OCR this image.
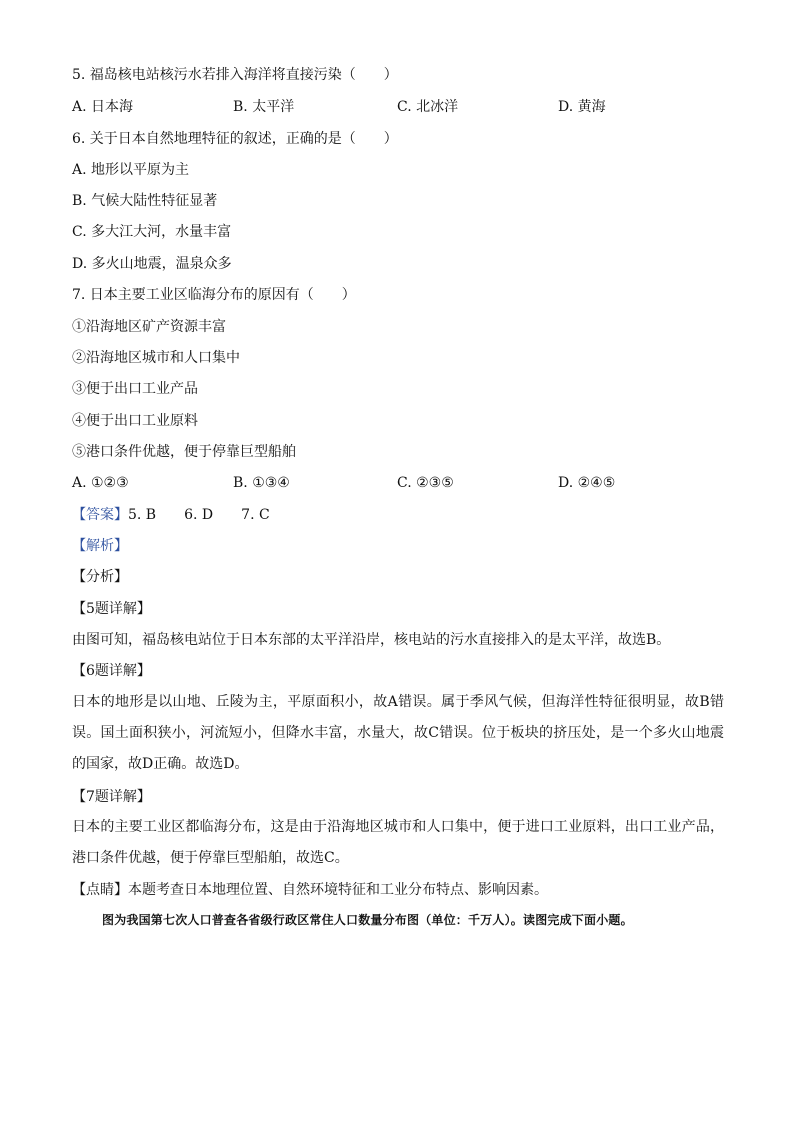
5. 福岛核电站核污水若排入海洋将直接污染（　　）
A. 日本海	B. 太平洋	C. 北冰洋	D. 黄海
6. 关于日本自然地理特征的叙述，正确的是（　　）
A. 地形以平原为主
B. 气候大陆性特征显著
C. 多大江大河，水量丰富
D. 多火山地震，温泉众多
7. 日本主要工业区临海分布的原因有（　　）
①沿海地区矿产资源丰富
②沿海地区城市和人口集中
③便于出口工业产品
④便于出口工业原料
⑤港口条件优越，便于停靠巨型船舶
A. ①②③	B. ①③④	C. ②③⑤	D. ②④⑤
【答案】5. B 6. D 7. C
【解析】
【分析】
【5题详解】
由图可知，福岛核电站位于日本东部的太平洋沿岸，核电站的污水直接排入的是太平洋，故选B。
【6题详解】
日本的地形是以山地、丘陵为主，平原面积小，故A错误。属于季风气候，但海洋性特征很明显，故B错误。国土面积狭小，河流短小，但降水丰富，水量大，故C错误。位于板块的挤压处，是一个多火山地震的国家，故D正确。故选D。
【7题详解】
日本的主要工业区都临海分布，这是由于沿海地区城市和人口集中，便于进口工业原料，出口工业产品，港口条件优越，便于停靠巨型船舶，故选C。
【点睛】本题考查日本地理位置、自然环境特征和工业分布特点、影响因素。
图为我国第七次人口普查各省级行政区常住人口数量分布图（单位：千万人）。读图完成下面小题。
